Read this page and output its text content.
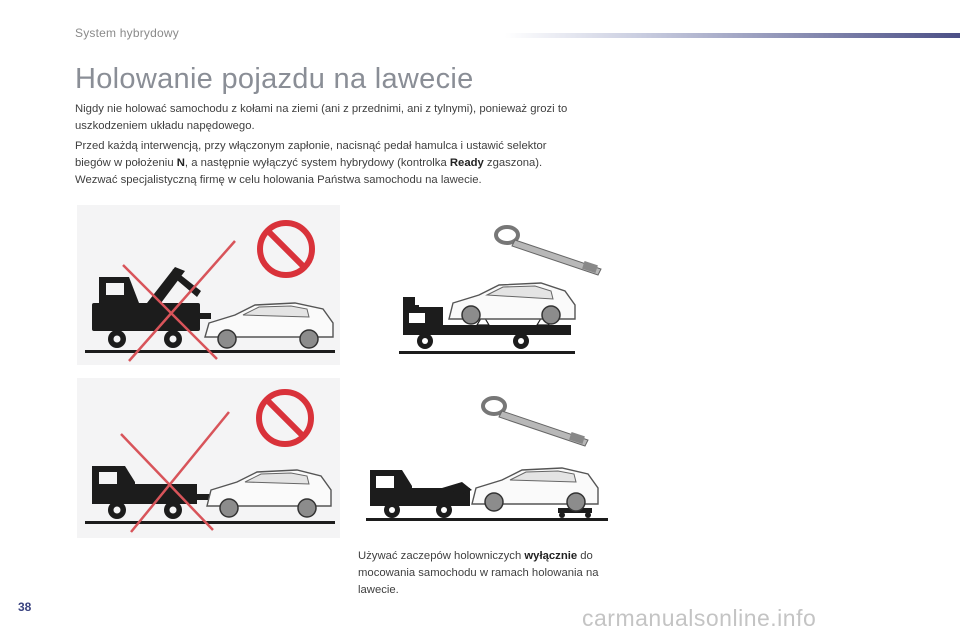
System hybrydowy
Holowanie pojazdu na lawecie

Nigdy nie holować samochodu z kołami na ziemi (ani z przednimi, ani z tylnymi), ponieważ grozi to uszkodzeniem układu napędowego.

Przed każdą interwencją, przy włączonym zapłonie, nacisnąć pedał hamulca i ustawić selektor
biegów w położeniu N, a następnie wyłączyć system hybrydowy (kontrolka Ready zgaszona).
Wezwać specjalistyczną firmę w celu holowania Państwa samochodu na lawecie.

Używać zaczepów holowniczych wyłącznie do mocowania samochodu w ramach holowania na lawecie.

38	carmanualsonline.info
